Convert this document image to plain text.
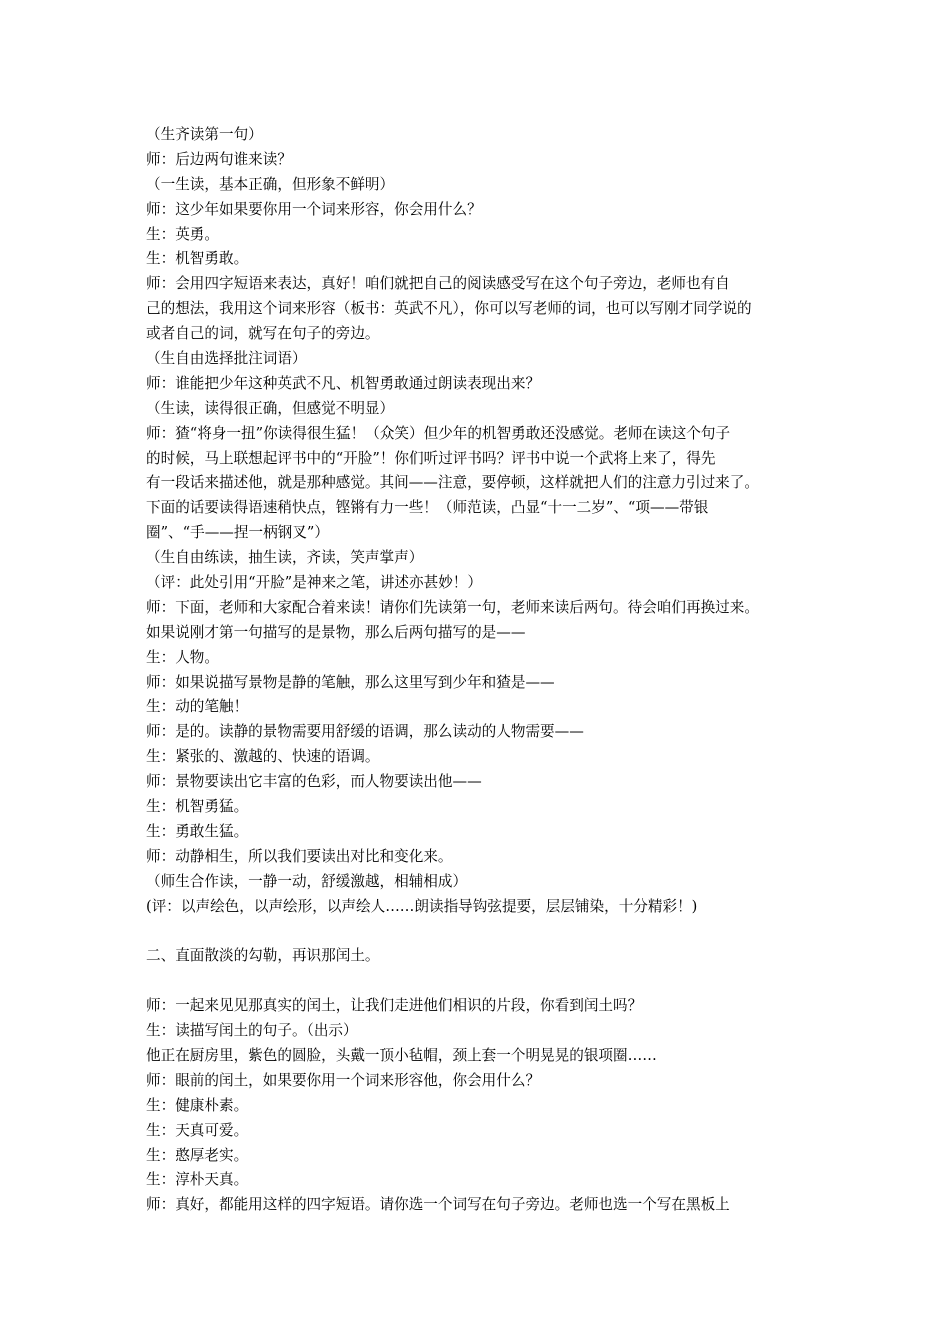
（生齐读第一句）
师：后边两句谁来读？
（一生读，基本正确，但形象不鲜明）
师：这少年如果要你用一个词来形容，你会用什么？
生：英勇。
生：机智勇敢。
师：会用四字短语来表达，真好！咱们就把自己的阅读感受写在这个句子旁边，老师也有自
己的想法，我用这个词来形容（板书：英武不凡），你可以写老师的词，也可以写刚才同学说的
或者自己的词，就写在句子的旁边。
（生自由选择批注词语）
师：谁能把少年这种英武不凡、机智勇敢通过朗读表现出来？
（生读，读得很正确，但感觉不明显）
师：猹“将身一扭”你读得很生猛！（众笑）但少年的机智勇敢还没感觉。老师在读这个句子
的时候，马上联想起评书中的“开脸”！你们听过评书吗？评书中说一个武将上来了，得先
有一段话来描述他，就是那种感觉。其间——注意，要停顿，这样就把人们的注意力引过来了。
下面的话要读得语速稍快点，铿锵有力一些！（师范读，凸显“十一二岁”、“项——带银
圈”、“手——捏一柄钢叉”）
（生自由练读，抽生读，齐读，笑声掌声）
（评：此处引用“开脸”是神来之笔，讲述亦甚妙！）
师：下面，老师和大家配合着来读！请你们先读第一句，老师来读后两句。待会咱们再换过来。
如果说刚才第一句描写的是景物，那么后两句描写的是——
生：人物。
师：如果说描写景物是静的笔触，那么这里写到少年和猹是——
生：动的笔触！
师：是的。读静的景物需要用舒缓的语调，那么读动的人物需要——
生：紧张的、激越的、快速的语调。
师：景物要读出它丰富的色彩，而人物要读出他——
生：机智勇猛。
生：勇敢生猛。
师：动静相生，所以我们要读出对比和变化来。
（师生合作读，一静一动，舒缓激越，相辅相成）
(评：以声绘色，以声绘形，以声绘人……朗读指导钩弦提要，层层铺染，十分精彩！)
二、直面散淡的勾勒，再识那闰土。
师：一起来见见那真实的闰土，让我们走进他们相识的片段，你看到闰土吗？
生：读描写闰土的句子。（出示）
他正在厨房里，紫色的圆脸，头戴一顶小毡帽，颈上套一个明晃晃的银项圈……
师：眼前的闰土，如果要你用一个词来形容他，你会用什么？
生：健康朴素。
生：天真可爱。
生：憨厚老实。
生：淳朴天真。
师：真好，都能用这样的四字短语。请你选一个词写在句子旁边。老师也选一个写在黑板上
